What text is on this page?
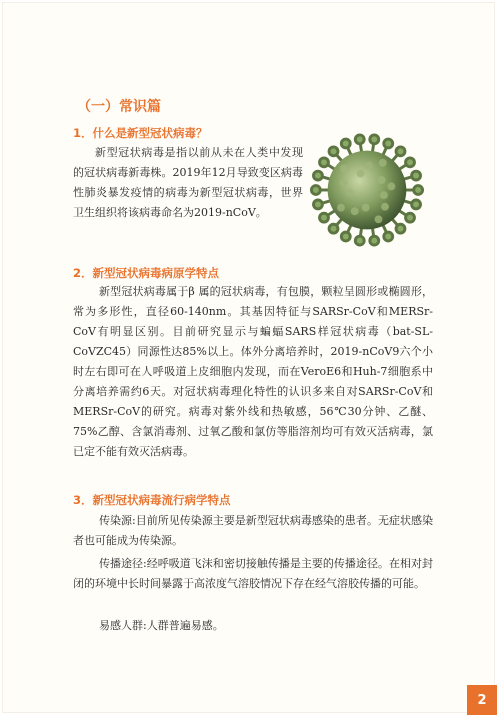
（一）常识篇
1．什么是新型冠状病毒？

新型冠状病毒是指以前从未在人类中发现的冠状病毒新毒株。2019年12月导致变区病毒性肺炎暴发疫情的病毒为新型冠状病毒，世界卫生组织将该病毒命名为2019-nCoV。

2．新型冠状病毒病原学特点

新型冠状病毒属于β 属的冠状病毒，有包膜，颗粒呈圆形或椭圆形，常为多形性，直径60-140nm。其基因特征与SARSr-CoV和MERSr-CoV有明显区别。目前研究显示与蝙蝠SARS样冠状病毒（bat-SL-CoVZC45）同源性达85%以上。体外分离培养时，2019-nCoV9六个小时左右即可在人呼吸道上皮细胞内发现，而在VeroE6和Huh-7细胞系中分离培养需约6天。对冠状病毒理化特性的认识多来自对SARSr-CoV和MERSr-CoV的研究。病毒对紫外线和热敏感，56℃30分钟、乙醚、75%乙醇、含氯消毒剂、过氧乙酸和氯仿等脂溶剂均可有效灭活病毒，氯已定不能有效灭活病毒。

3．新型冠状病毒流行病学特点

传染源:目前所见传染源主要是新型冠状病毒感染的患者。无症状感染者也可能成为传染源。

传播途径:经呼吸道飞沫和密切接触传播是主要的传播途径。在相对封闭的环境中长时间暴露于高浓度气溶胶情况下存在经气溶胶传播的可能。

易感人群:人群普遍易感。

2
